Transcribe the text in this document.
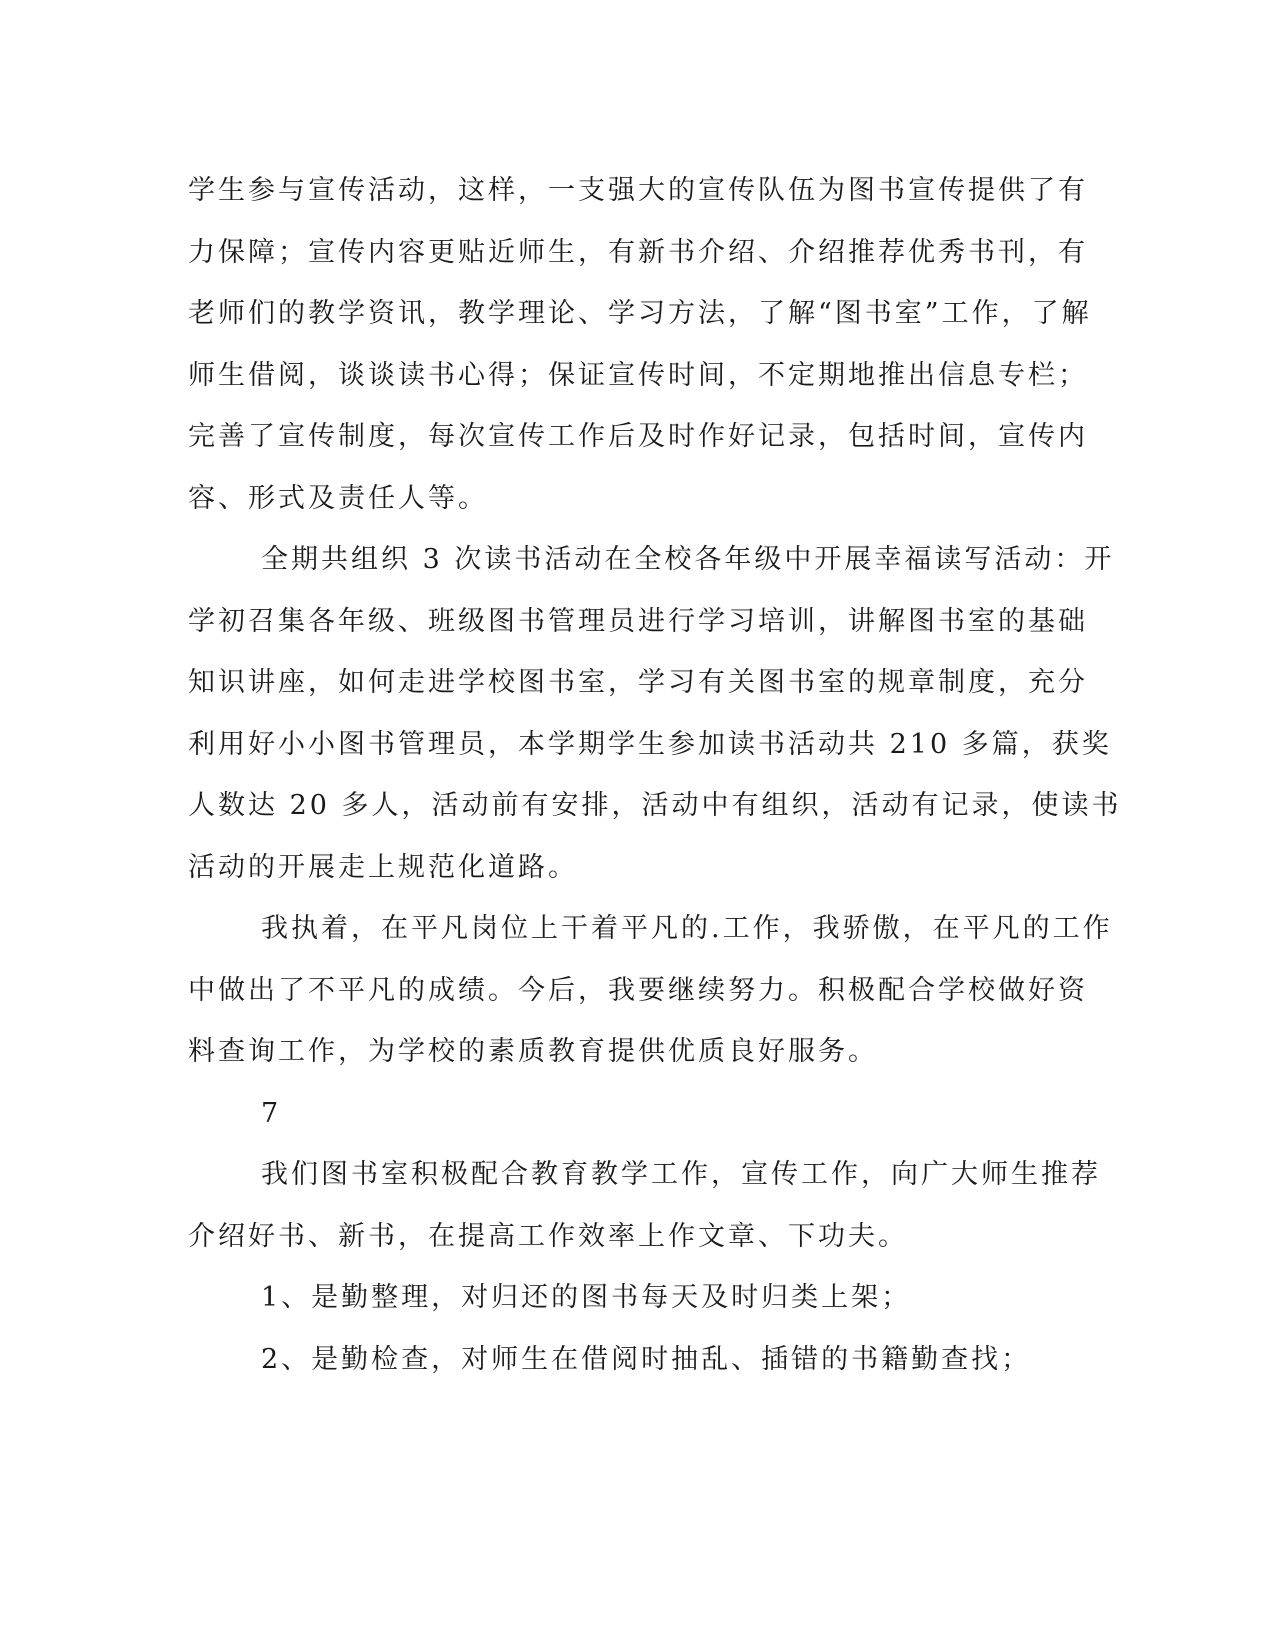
学生参与宣传活动，这样，一支强大的宣传队伍为图书宣传提供了有
力保障；宣传内容更贴近师生，有新书介绍、介绍推荐优秀书刊，有
老师们的教学资讯，教学理论、学习方法，了解“图书室”工作，了解
师生借阅，谈谈读书心得；保证宣传时间，不定期地推出信息专栏；
完善了宣传制度，每次宣传工作后及时作好记录，包括时间，宣传内
容、形式及责任人等。

全期共组织 3 次读书活动在全校各年级中开展幸福读写活动：开
学初召集各年级、班级图书管理员进行学习培训，讲解图书室的基础
知识讲座，如何走进学校图书室，学习有关图书室的规章制度，充分
利用好小小图书管理员，本学期学生参加读书活动共 210 多篇，获奖
人数达 20 多人，活动前有安排，活动中有组织，活动有记录，使读书
活动的开展走上规范化道路。

我执着，在平凡岗位上干着平凡的.工作，我骄傲，在平凡的工作
中做出了不平凡的成绩。今后，我要继续努力。积极配合学校做好资
料查询工作，为学校的素质教育提供优质良好服务。

7

我们图书室积极配合教育教学工作，宣传工作，向广大师生推荐
介绍好书、新书，在提高工作效率上作文章、下功夫。

1、是勤整理，对归还的图书每天及时归类上架；

2、是勤检查，对师生在借阅时抽乱、插错的书籍勤查找；
